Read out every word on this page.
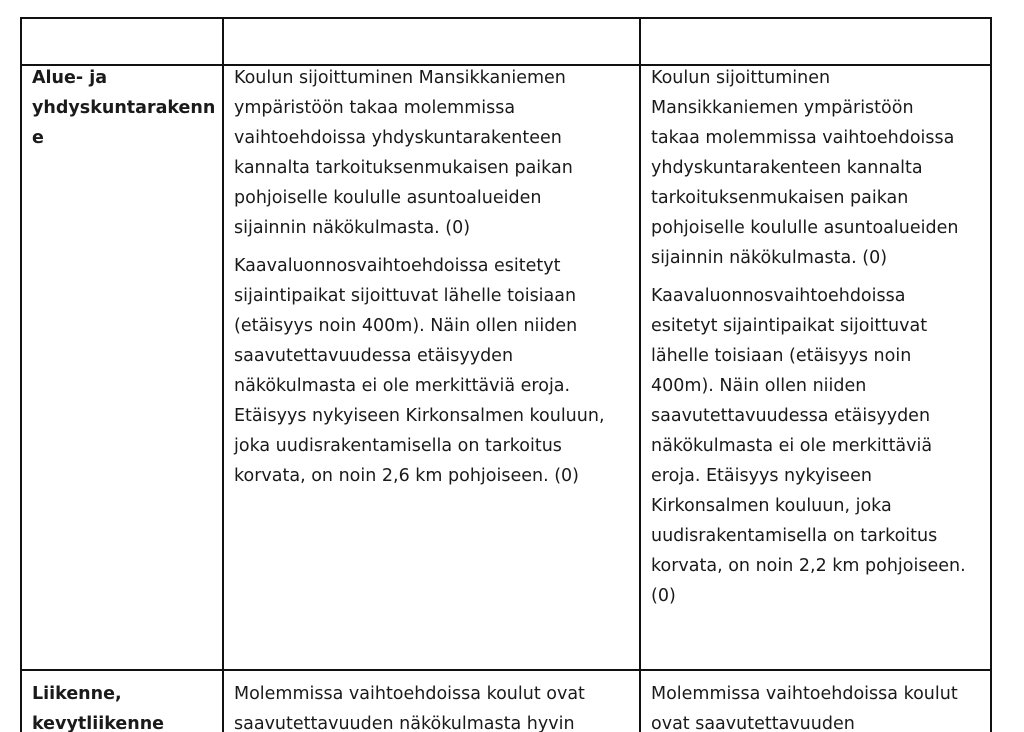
Alue- ja
yhdyskuntarakenn
e

Koulun sijoittuminen Mansikkaniemen
ympäristöön takaa molemmissa
vaihtoehdoissa yhdyskuntarakenteen
kannalta tarkoituksenmukaisen paikan
pohjoiselle koululle asuntoalueiden
sijainnin näkökulmasta. (0)

Kaavaluonnosvaihtoehdoissa esitetyt
sijaintipaikat sijoittuvat lähelle toisiaan
(etäisyys noin 400m). Näin ollen niiden
saavutettavuudessa etäisyyden
näkökulmasta ei ole merkittäviä eroja.
Etäisyys nykyiseen Kirkonsalmen kouluun,
joka uudisrakentamisella on tarkoitus
korvata, on noin 2,6 km pohjoiseen. (0)

Koulun sijoittuminen
Mansikkaniemen ympäristöön
takaa molemmissa vaihtoehdoissa
yhdyskuntarakenteen kannalta
tarkoituksenmukaisen paikan
pohjoiselle koululle asuntoalueiden
sijainnin näkökulmasta. (0)

Kaavaluonnosvaihtoehdoissa
esitetyt sijaintipaikat sijoittuvat
lähelle toisiaan (etäisyys noin
400m). Näin ollen niiden
saavutettavuudessa etäisyyden
näkökulmasta ei ole merkittäviä
eroja. Etäisyys nykyiseen
Kirkonsalmen kouluun, joka
uudisrakentamisella on tarkoitus
korvata, on noin 2,2 km pohjoiseen.
(0)

Liikenne,
kevytliikenne

Molemmissa vaihtoehdoissa koulut ovat
saavutettavuuden näkökulmasta hyvin

Molemmissa vaihtoehdoissa koulut
ovat saavutettavuuden
